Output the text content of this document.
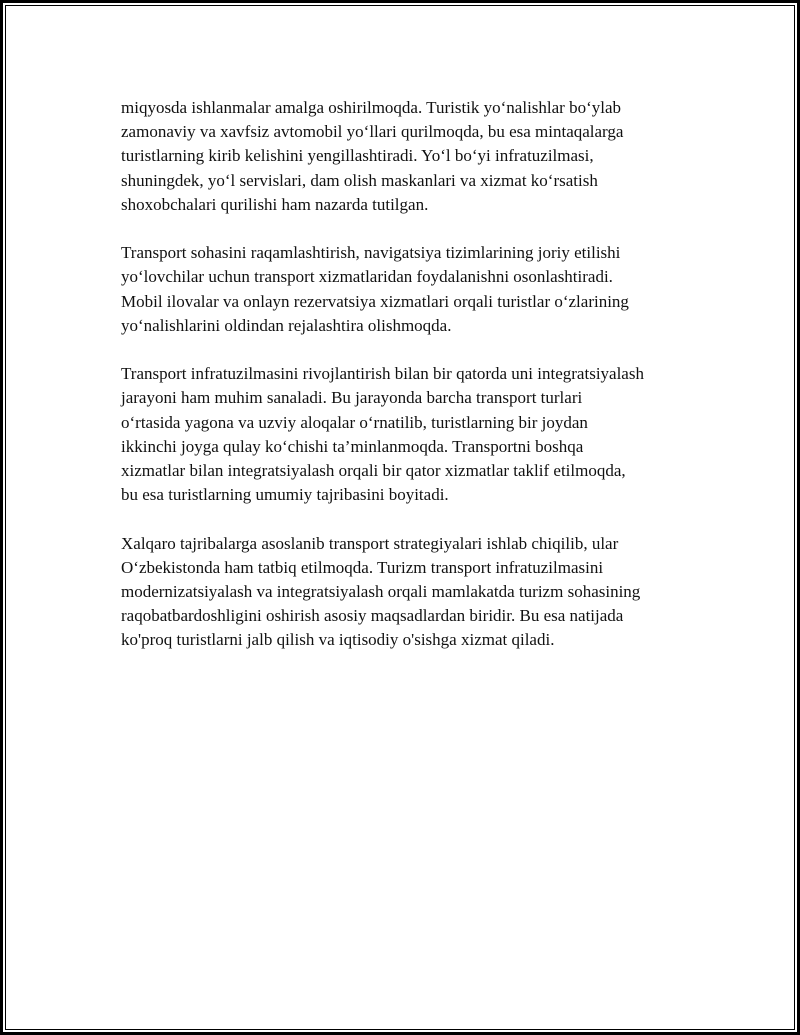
miqyosda ishlanmalar amalga oshirilmoqda. Turistik yo‘nalishlar bo‘ylab
zamonaviy va xavfsiz avtomobil yo‘llari qurilmoqda, bu esa mintaqalarga
turistlarning kirib kelishini yengillashtiradi. Yo‘l bo‘yi infratuzilmasi,
shuningdek, yo‘l servislari, dam olish maskanlari va xizmat ko‘rsatish
shoxobchalari qurilishi ham nazarda tutilgan.

Transport sohasini raqamlashtirish, navigatsiya tizimlarining joriy etilishi
yo‘lovchilar uchun transport xizmatlaridan foydalanishni osonlashtiradi.
Mobil ilovalar va onlayn rezervatsiya xizmatlari orqali turistlar o‘zlarining
yo‘nalishlarini oldindan rejalashtira olishmoqda.

Transport infratuzilmasini rivojlantirish bilan bir qatorda uni integratsiyalash
jarayoni ham muhim sanaladi. Bu jarayonda barcha transport turlari
o‘rtasida yagona va uzviy aloqalar o‘rnatilib, turistlarning bir joydan
ikkinchi joyga qulay ko‘chishi ta’minlanmoqda. Transportni boshqa
xizmatlar bilan integratsiyalash orqali bir qator xizmatlar taklif etilmoqda,
bu esa turistlarning umumiy tajribasini boyitadi.

Xalqaro tajribalarga asoslanib transport strategiyalari ishlab chiqilib, ular
O‘zbekistonda ham tatbiq etilmoqda. Turizm transport infratuzilmasini
modernizatsiyalash va integratsiyalash orqali mamlakatda turizm sohasining
raqobatbardoshligini oshirish asosiy maqsadlardan biridir. Bu esa natijada
ko'proq turistlarni jalb qilish va iqtisodiy o'sishga xizmat qiladi.
